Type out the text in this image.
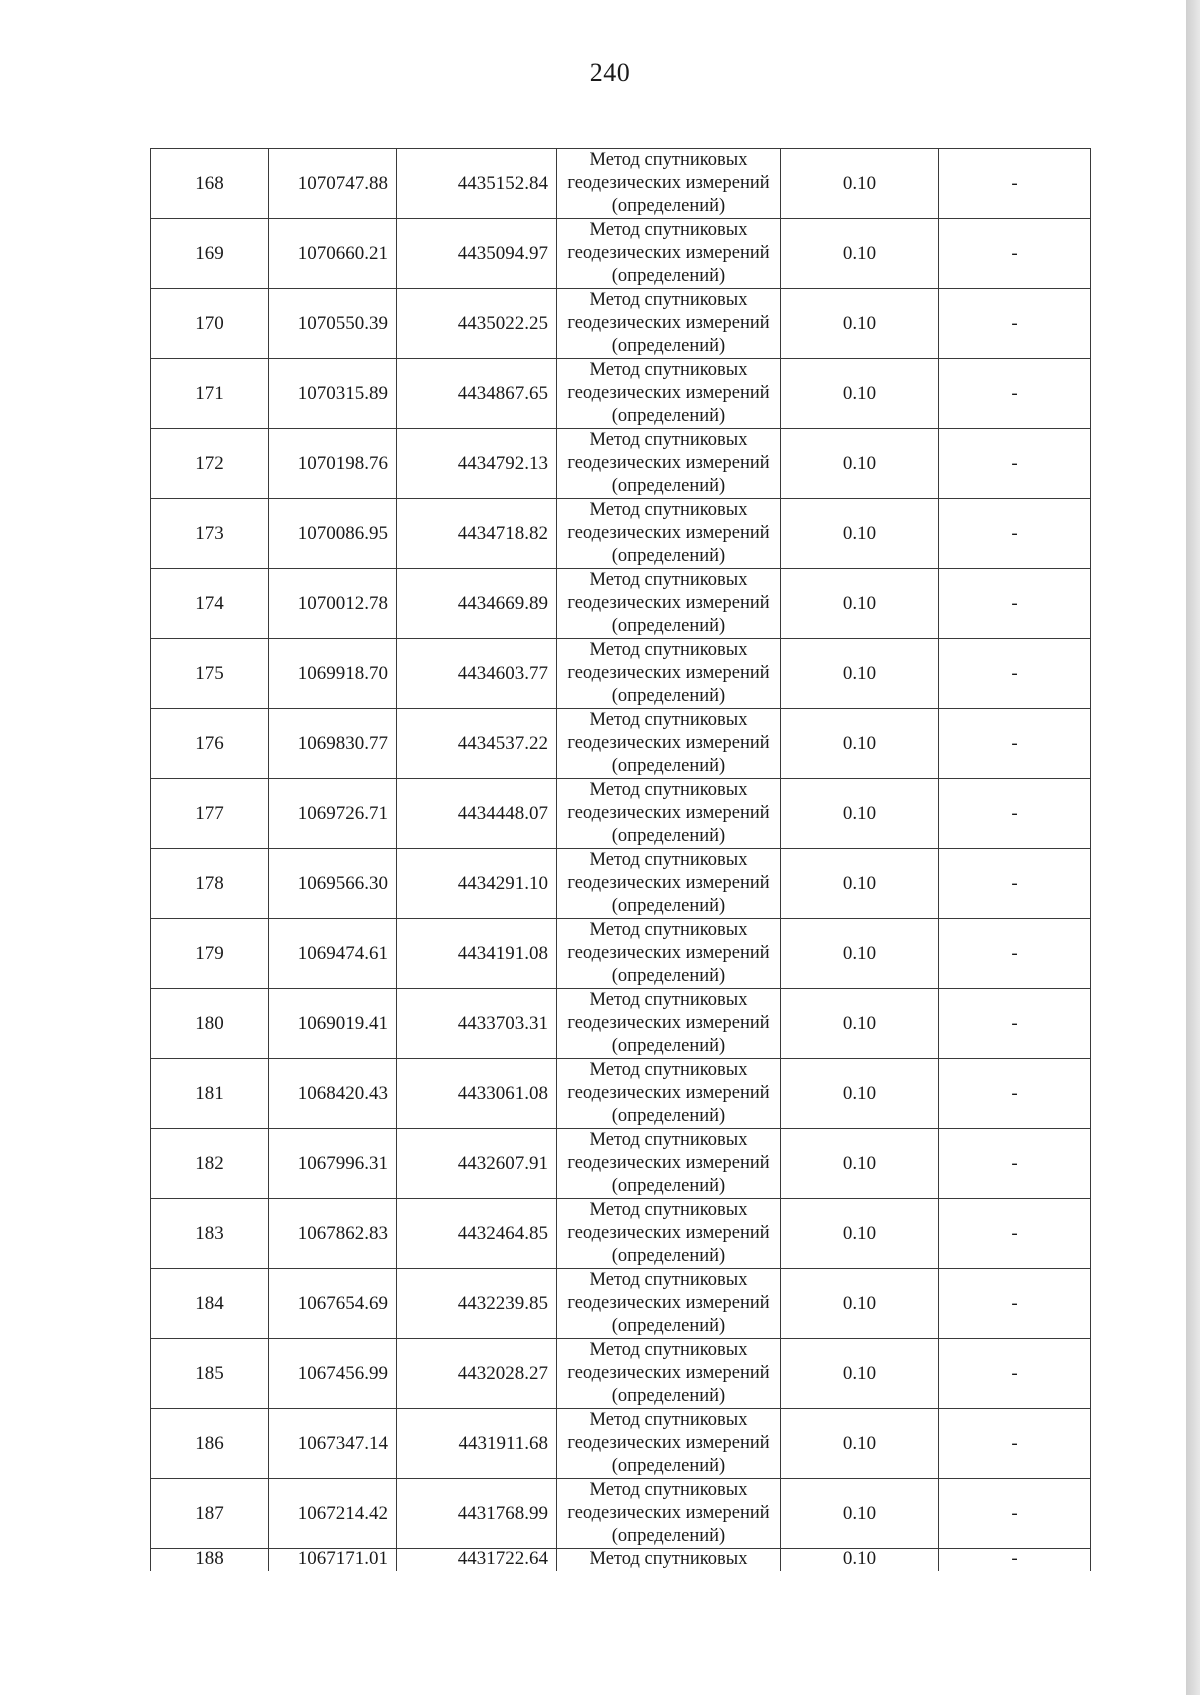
240
168	1070747.88	4435152.84	Метод спутниковых
геодезических измерений
(определений)	0.10	-
169	1070660.21	4435094.97	Метод спутниковых
геодезических измерений
(определений)	0.10	-
170	1070550.39	4435022.25	Метод спутниковых
геодезических измерений
(определений)	0.10	-
171	1070315.89	4434867.65	Метод спутниковых
геодезических измерений
(определений)	0.10	-
172	1070198.76	4434792.13	Метод спутниковых
геодезических измерений
(определений)	0.10	-
173	1070086.95	4434718.82	Метод спутниковых
геодезических измерений
(определений)	0.10	-
174	1070012.78	4434669.89	Метод спутниковых
геодезических измерений
(определений)	0.10	-
175	1069918.70	4434603.77	Метод спутниковых
геодезических измерений
(определений)	0.10	-
176	1069830.77	4434537.22	Метод спутниковых
геодезических измерений
(определений)	0.10	-
177	1069726.71	4434448.07	Метод спутниковых
геодезических измерений
(определений)	0.10	-
178	1069566.30	4434291.10	Метод спутниковых
геодезических измерений
(определений)	0.10	-
179	1069474.61	4434191.08	Метод спутниковых
геодезических измерений
(определений)	0.10	-
180	1069019.41	4433703.31	Метод спутниковых
геодезических измерений
(определений)	0.10	-
181	1068420.43	4433061.08	Метод спутниковых
геодезических измерений
(определений)	0.10	-
182	1067996.31	4432607.91	Метод спутниковых
геодезических измерений
(определений)	0.10	-
183	1067862.83	4432464.85	Метод спутниковых
геодезических измерений
(определений)	0.10	-
184	1067654.69	4432239.85	Метод спутниковых
геодезических измерений
(определений)	0.10	-
185	1067456.99	4432028.27	Метод спутниковых
геодезических измерений
(определений)	0.10	-
186	1067347.14	4431911.68	Метод спутниковых
геодезических измерений
(определений)	0.10	-
187	1067214.42	4431768.99	Метод спутниковых
геодезических измерений
(определений)	0.10	-
188	1067171.01	4431722.64	Метод спутниковых	0.10	-
